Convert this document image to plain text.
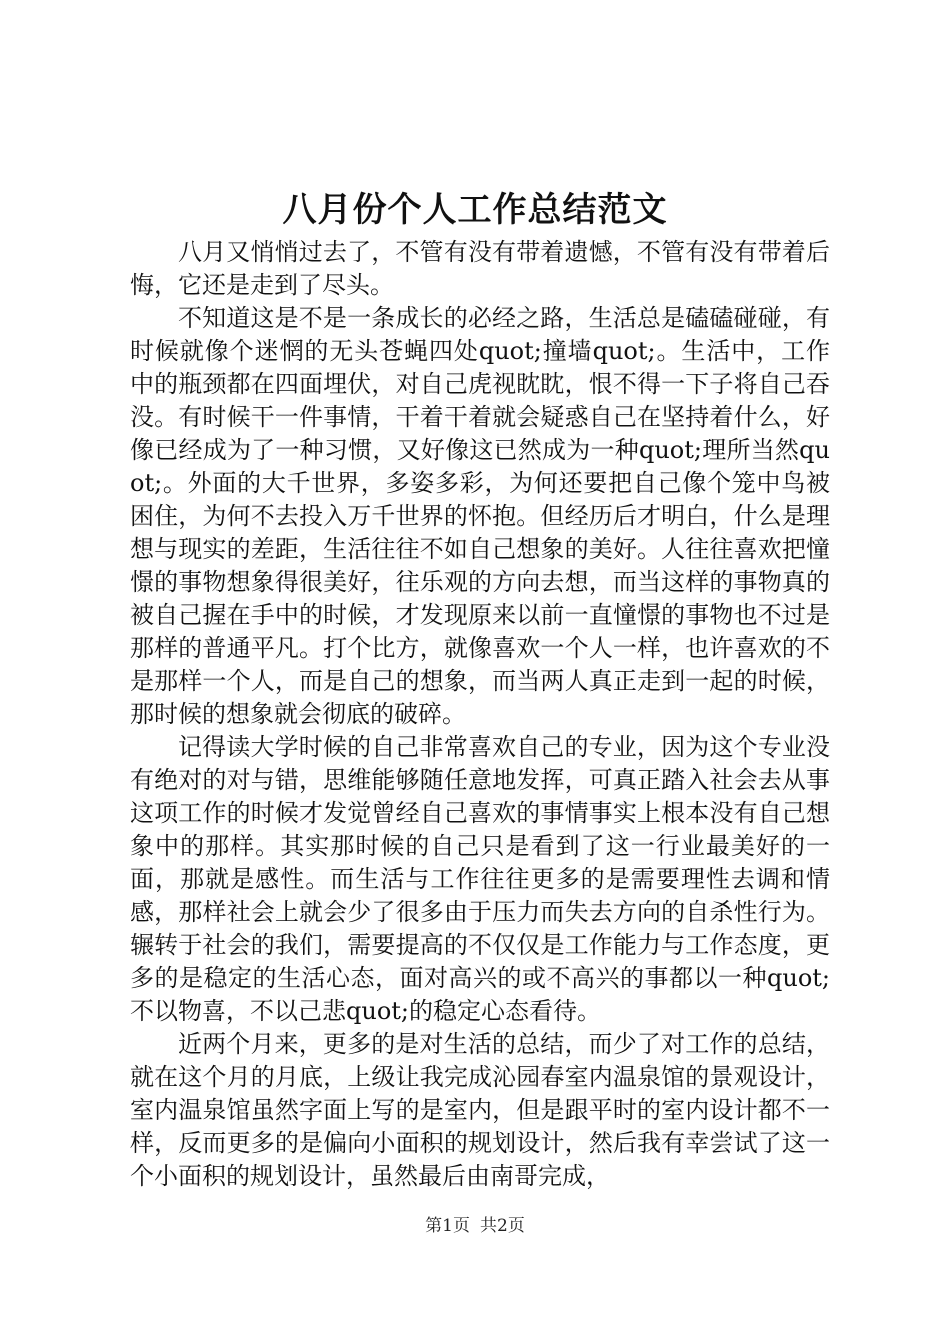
八月份个人工作总结范文

八月又悄悄过去了，不管有没有带着遗憾，不管有没有带着后悔，它还是走到了尽头。

不知道这是不是一条成长的必经之路，生活总是磕磕碰碰，有时候就像个迷惘的无头苍蝇四处quot;撞墙quot;。生活中，工作中的瓶颈都在四面埋伏，对自己虎视眈眈，恨不得一下子将自己吞没。有时候干一件事情，干着干着就会疑惑自己在坚持着什么，好像已经成为了一种习惯，又好像这已然成为一种quot;理所当然quot;。外面的大千世界，多姿多彩，为何还要把自己像个笼中鸟被困住，为何不去投入万千世界的怀抱。但经历后才明白，什么是理想与现实的差距，生活往往不如自己想象的美好。人往往喜欢把憧憬的事物想象得很美好，往乐观的方向去想，而当这样的事物真的被自己握在手中的时候，才发现原来以前一直憧憬的事物也不过是那样的普通平凡。打个比方，就像喜欢一个人一样，也许喜欢的不是那样一个人，而是自己的想象，而当两人真正走到一起的时候，那时候的想象就会彻底的破碎。

记得读大学时候的自己非常喜欢自己的专业，因为这个专业没有绝对的对与错，思维能够随任意地发挥，可真正踏入社会去从事这项工作的时候才发觉曾经自己喜欢的事情事实上根本没有自己想象中的那样。其实那时候的自己只是看到了这一行业最美好的一面，那就是感性。而生活与工作往往更多的是需要理性去调和情感，那样社会上就会少了很多由于压力而失去方向的自杀性行为。辗转于社会的我们，需要提高的不仅仅是工作能力与工作态度，更多的是稳定的生活心态，面对高兴的或不高兴的事都以一种quot;不以物喜，不以己悲quot;的稳定心态看待。

近两个月来，更多的是对生活的总结，而少了对工作的总结，就在这个月的月底，上级让我完成沁园春室内温泉馆的景观设计，室内温泉馆虽然字面上写的是室内，但是跟平时的室内设计都不一样，反而更多的是偏向小面积的规划设计，然后我有幸尝试了这一个小面积的规划设计，虽然最后由南哥完成，

第1页 共2页
